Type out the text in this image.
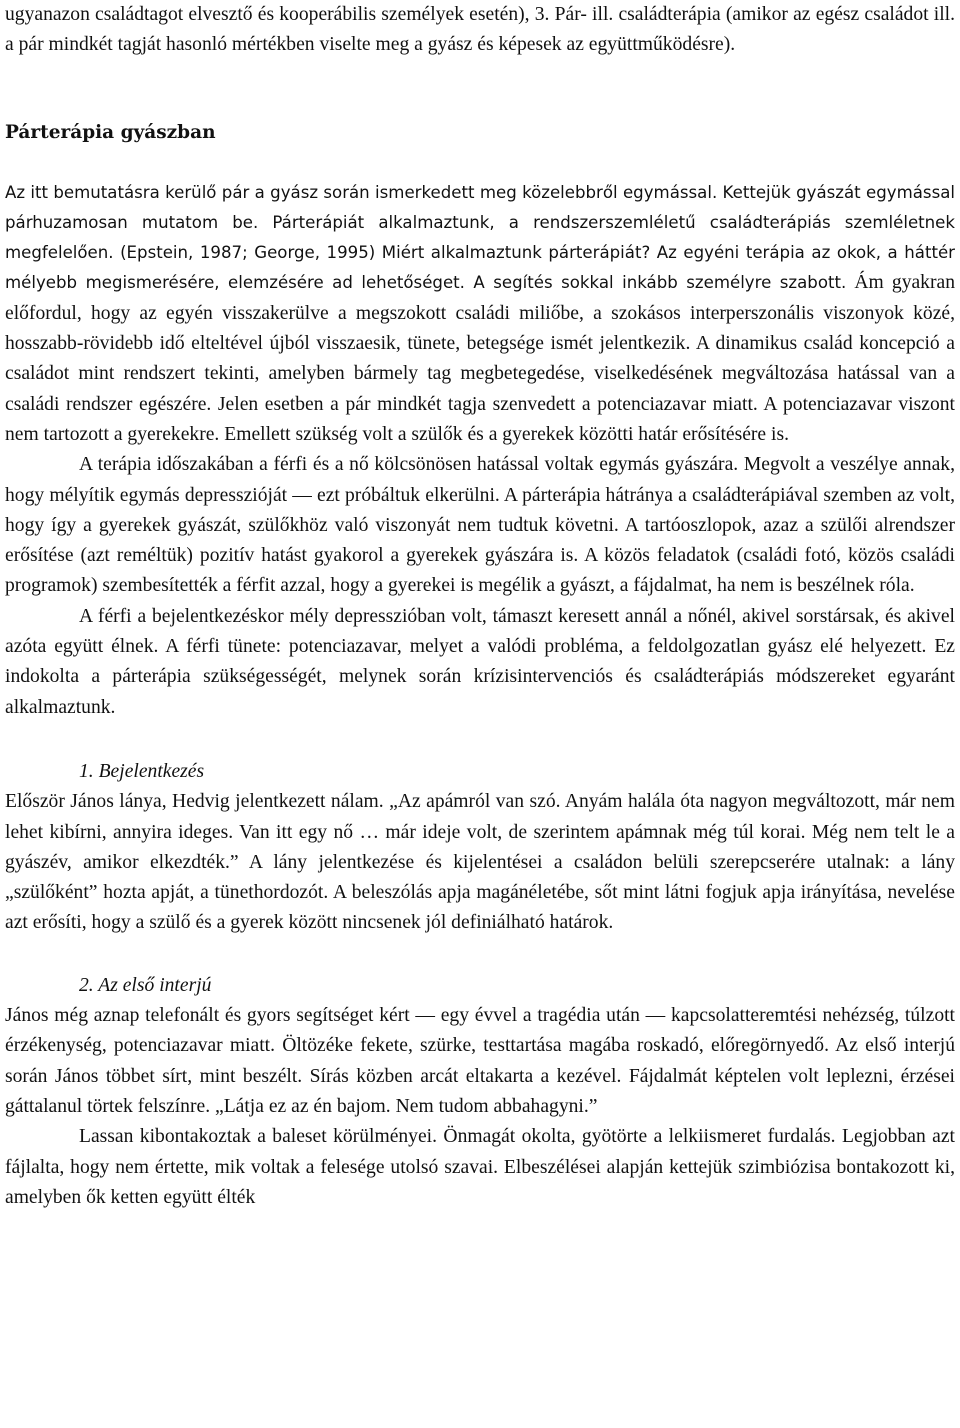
ugyanazon családtagot elvesztő és kooperábilis személyek esetén), 3. Pár- ill. családterápia (amikor az egész családot ill. a pár mindkét tagját hasonló mértékben viselte meg a gyász és képesek az együttműködésre).

Párterápia gyászban

Az itt bemutatásra kerülő pár a gyász során ismerkedett meg közelebbről egymással. Kettejük gyászát egymással párhuzamosan mutatom be. Párterápiát alkalmaztunk, a rendszerszemléletű családterápiás szemléletnek megfelelően. (Epstein, 1987; George, 1995) Miért alkalmaztunk párterápiát? Az egyéni terápia az okok, a háttér mélyebb megismerésére, elemzésére ad lehetőséget. A segítés sokkal inkább személyre szabott. Ám gyakran előfordul, hogy az egyén visszakerülve a megszokott családi miliőbe, a szokásos interperszonális viszonyok közé, hosszabb-rövidebb idő elteltével újból visszaesik, tünete, betegsége ismét jelentkezik. A dinamikus család koncepció a családot mint rendszert tekinti, amelyben bármely tag megbetegedése, viselkedésének megváltozása hatással van a családi rendszer egészére. Jelen esetben a pár mindkét tagja szenvedett a potenciazavar miatt. A potenciazavar viszont nem tartozott a gyerekekre. Emellett szükség volt a szülők és a gyerekek közötti határ erősítésére is.

A terápia időszakában a férfi és a nő kölcsönösen hatással voltak egymás gyászára. Megvolt a veszélye annak, hogy mélyítik egymás depresszióját ― ezt próbáltuk elkerülni. A párterápia hátránya a családterápiával szemben az volt, hogy így a gyerekek gyászát, szülőkhöz való viszonyát nem tudtuk követni. A tartóoszlopok, azaz a szülői alrendszer erősítése (azt reméltük) pozitív hatást gyakorol a gyerekek gyászára is. A közös feladatok (családi fotó, közös családi programok) szembesítették a férfit azzal, hogy a gyerekei is megélik a gyászt, a fájdalmat, ha nem is beszélnek róla.

A férfi a bejelentkezéskor mély depresszióban volt, támaszt keresett annál a nőnél, akivel sorstársak, és akivel azóta együtt élnek. A férfi tünete: potenciazavar, melyet a valódi probléma, a feldolgozatlan gyász elé helyezett. Ez indokolta a párterápia szükségességét, melynek során krízisintervenciós és családterápiás módszereket egyaránt alkalmaztunk.

1. Bejelentkezés

Először János lánya, Hedvig jelentkezett nálam. „Az apámról van szó. Anyám halála óta nagyon megváltozott, már nem lehet kibírni, annyira ideges. Van itt egy nő … már ideje volt, de szerintem apámnak még túl korai. Még nem telt le a gyászév, amikor elkezdték.” A lány jelentkezése és kijelentései a családon belüli szerepcserére utalnak: a lány „szülőként” hozta apját, a tünethordozót. A beleszólás apja magánéletébe, sőt mint látni fogjuk apja irányítása, nevelése azt erősíti, hogy a szülő és a gyerek között nincsenek jól definiálható határok.

2. Az első interjú

János még aznap telefonált és gyors segítséget kért ― egy évvel a tragédia után ― kapcsolatteremtési nehézség, túlzott érzékenység, potenciazavar miatt. Öltözéke fekete, szürke, testtartása magába roskadó, előregörnyedő. Az első interjú során János többet sírt, mint beszélt. Sírás közben arcát eltakarta a kezével. Fájdalmát képtelen volt leplezni, érzései gáttalanul törtek felszínre. „Látja ez az én bajom. Nem tudom abbahagyni.”

Lassan kibontakoztak a baleset körülményei. Önmagát okolta, gyötörte a lelkiismeret furdalás. Legjobban azt fájlalta, hogy nem értette, mik voltak a felesége utolsó szavai. Elbeszélései alapján kettejük szimbiózisa bontakozott ki, amelyben ők ketten együtt élték
